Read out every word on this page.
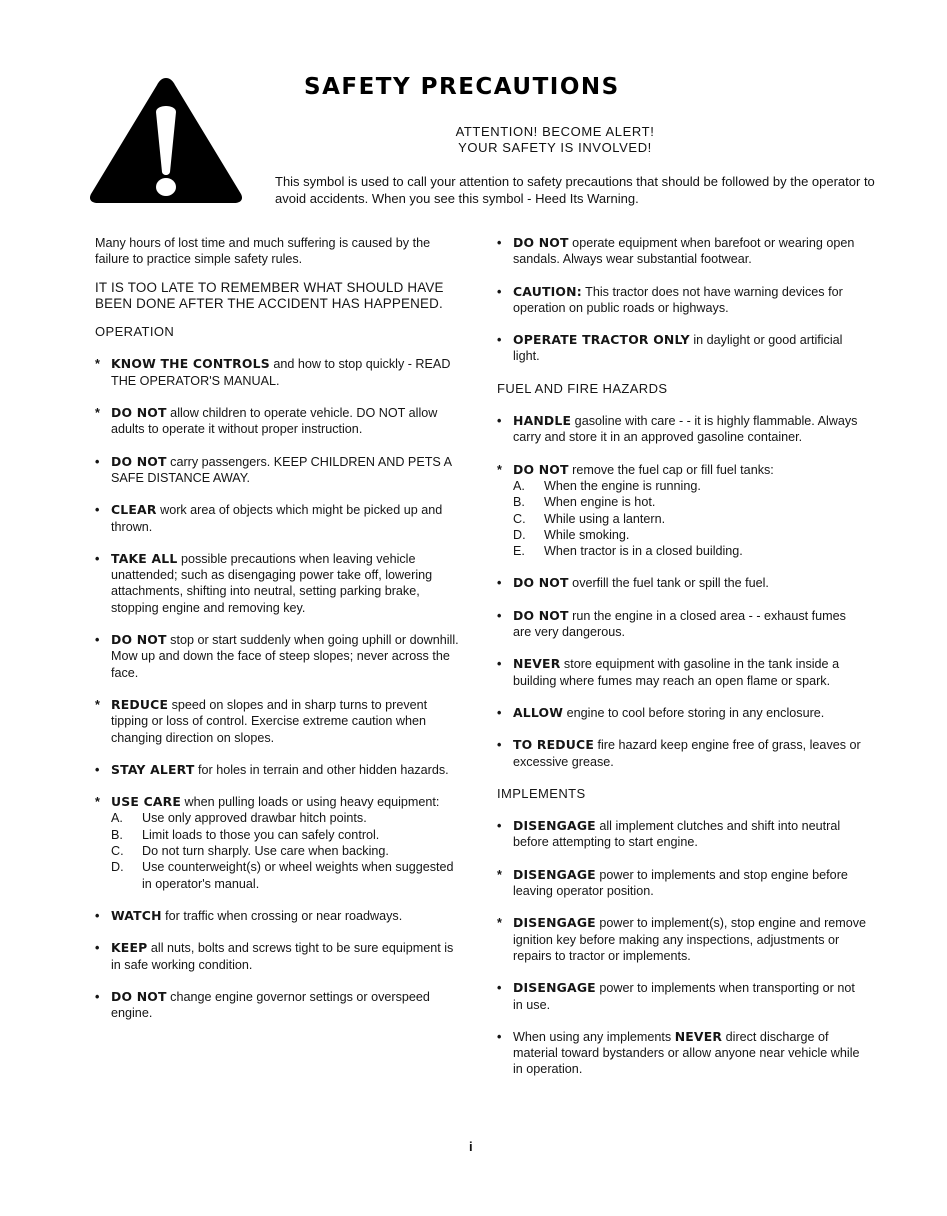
SAFETY PRECAUTIONS
ATTENTION! BECOME ALERT!
YOUR SAFETY IS INVOLVED!
This symbol is used to call your attention to safety precautions that should be followed by the operator to avoid accidents. When you see this symbol - Heed Its Warning.

Many hours of lost time and much suffering is caused by the failure to practice simple safety rules.

IT IS TOO LATE TO REMEMBER WHAT SHOULD HAVE BEEN DONE AFTER THE ACCIDENT HAS HAPPENED.

OPERATION
* KNOW THE CONTROLS and how to stop quickly - READ THE OPERATOR'S MANUAL.
* DO NOT allow children to operate vehicle. DO NOT allow adults to operate it without proper instruction.
• DO NOT carry passengers. KEEP CHILDREN AND PETS A SAFE DISTANCE AWAY.
• CLEAR work area of objects which might be picked up and thrown.
• TAKE ALL possible precautions when leaving vehicle unattended; such as disengaging power take off, lowering attachments, shifting into neutral, setting parking brake, stopping engine and removing key.
• DO NOT stop or start suddenly when going uphill or downhill. Mow up and down the face of steep slopes; never across the face.
* REDUCE speed on slopes and in sharp turns to prevent tipping or loss of control. Exercise extreme caution when changing direction on slopes.
• STAY ALERT for holes in terrain and other hidden hazards.
* USE CARE when pulling loads or using heavy equipment:
A. Use only approved drawbar hitch points.
B. Limit loads to those you can safely control.
C. Do not turn sharply. Use care when backing.
D. Use counterweight(s) or wheel weights when suggested in operator's manual.
• WATCH for traffic when crossing or near roadways.
• KEEP all nuts, bolts and screws tight to be sure equipment is in safe working condition.
• DO NOT change engine governor settings or overspeed engine.
• DO NOT operate equipment when barefoot or wearing open sandals. Always wear substantial footwear.
• CAUTION: This tractor does not have warning devices for operation on public roads or highways.
• OPERATE TRACTOR ONLY in daylight or good artificial light.
FUEL AND FIRE HAZARDS
• HANDLE gasoline with care - - it is highly flammable. Always carry and store it in an approved gasoline container.
* DO NOT remove the fuel cap or fill fuel tanks:
A. When the engine is running.
B. When engine is hot.
C. While using a lantern.
D. While smoking.
E. When tractor is in a closed building.
• DO NOT overfill the fuel tank or spill the fuel.
• DO NOT run the engine in a closed area - - exhaust fumes are very dangerous.
• NEVER store equipment with gasoline in the tank inside a building where fumes may reach an open flame or spark.
• ALLOW engine to cool before storing in any enclosure.
• TO REDUCE fire hazard keep engine free of grass, leaves or excessive grease.
IMPLEMENTS
• DISENGAGE all implement clutches and shift into neutral before attempting to start engine.
* DISENGAGE power to implements and stop engine before leaving operator position.
* DISENGAGE power to implement(s), stop engine and remove ignition key before making any inspections, adjustments or repairs to tractor or implements.
• DISENGAGE power to implements when transporting or not in use.
• When using any implements NEVER direct discharge of material toward bystanders or allow anyone near vehicle while in operation.
i
